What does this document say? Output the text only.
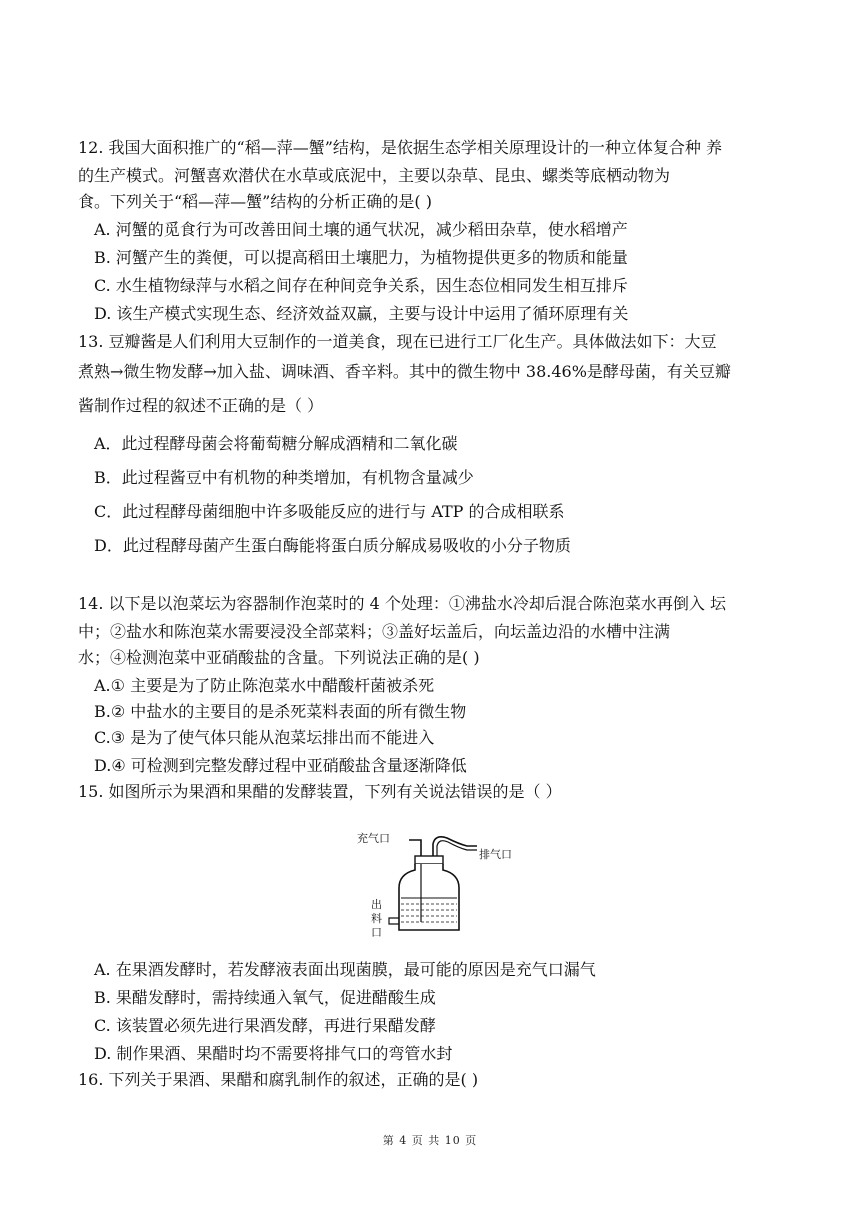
12. 我国大面积推广的“稻—萍—蟹”结构，是依据生态学相关原理设计的一种立体复合种 养
的生产模式。河蟹喜欢潜伏在水草或底泥中，主要以杂草、昆虫、螺类等底栖动物为
食。下列关于“稻—萍—蟹”结构的分析正确的是( )
A. 河蟹的觅食行为可改善田间土壤的通气状况，减少稻田杂草，使水稻增产
B. 河蟹产生的粪便，可以提高稻田土壤肥力，为植物提供更多的物质和能量
C. 水生植物绿萍与水稻之间存在种间竞争关系，因生态位相同发生相互排斥
D. 该生产模式实现生态、经济效益双赢，主要与设计中运用了循环原理有关
13. 豆瓣酱是人们利用大豆制作的一道美食，现在已进行工厂化生产。具体做法如下：大豆
煮熟→微生物发酵→加入盐、调味酒、香辛料。其中的微生物中 38.46%是酵母菌，有关豆瓣
酱制作过程的叙述不正确的是（ ）
A．此过程酵母菌会将葡萄糖分解成酒精和二氧化碳
B．此过程酱豆中有机物的种类增加，有机物含量减少
C．此过程酵母菌细胞中许多吸能反应的进行与 ATP 的合成相联系
D．此过程酵母菌产生蛋白酶能将蛋白质分解成易吸收的小分子物质
14. 以下是以泡菜坛为容器制作泡菜时的 4 个处理：①沸盐水冷却后混合陈泡菜水再倒入 坛
中；②盐水和陈泡菜水需要浸没全部菜料；③盖好坛盖后，向坛盖边沿的水槽中注满
水；④检测泡菜中亚硝酸盐的含量。下列说法正确的是( )
A.① 主要是为了防止陈泡菜水中醋酸杆菌被杀死
B.② 中盐水的主要目的是杀死菜料表面的所有微生物
C.③ 是为了使气体只能从泡菜坛排出而不能进入
D.④ 可检测到完整发酵过程中亚硝酸盐含量逐渐降低
15. 如图所示为果酒和果醋的发酵装置，下列有关说法错误的是（ ）
充气口
排气口
出
料
口
A. 在果酒发酵时，若发酵液表面出现菌膜，最可能的原因是充气口漏气
B. 果醋发酵时，需持续通入氧气，促进醋酸生成
C. 该装置必须先进行果酒发酵，再进行果醋发酵
D. 制作果酒、果醋时均不需要将排气口的弯管水封
16. 下列关于果酒、果醋和腐乳制作的叙述，正确的是( )
第 4 页 共 10 页
